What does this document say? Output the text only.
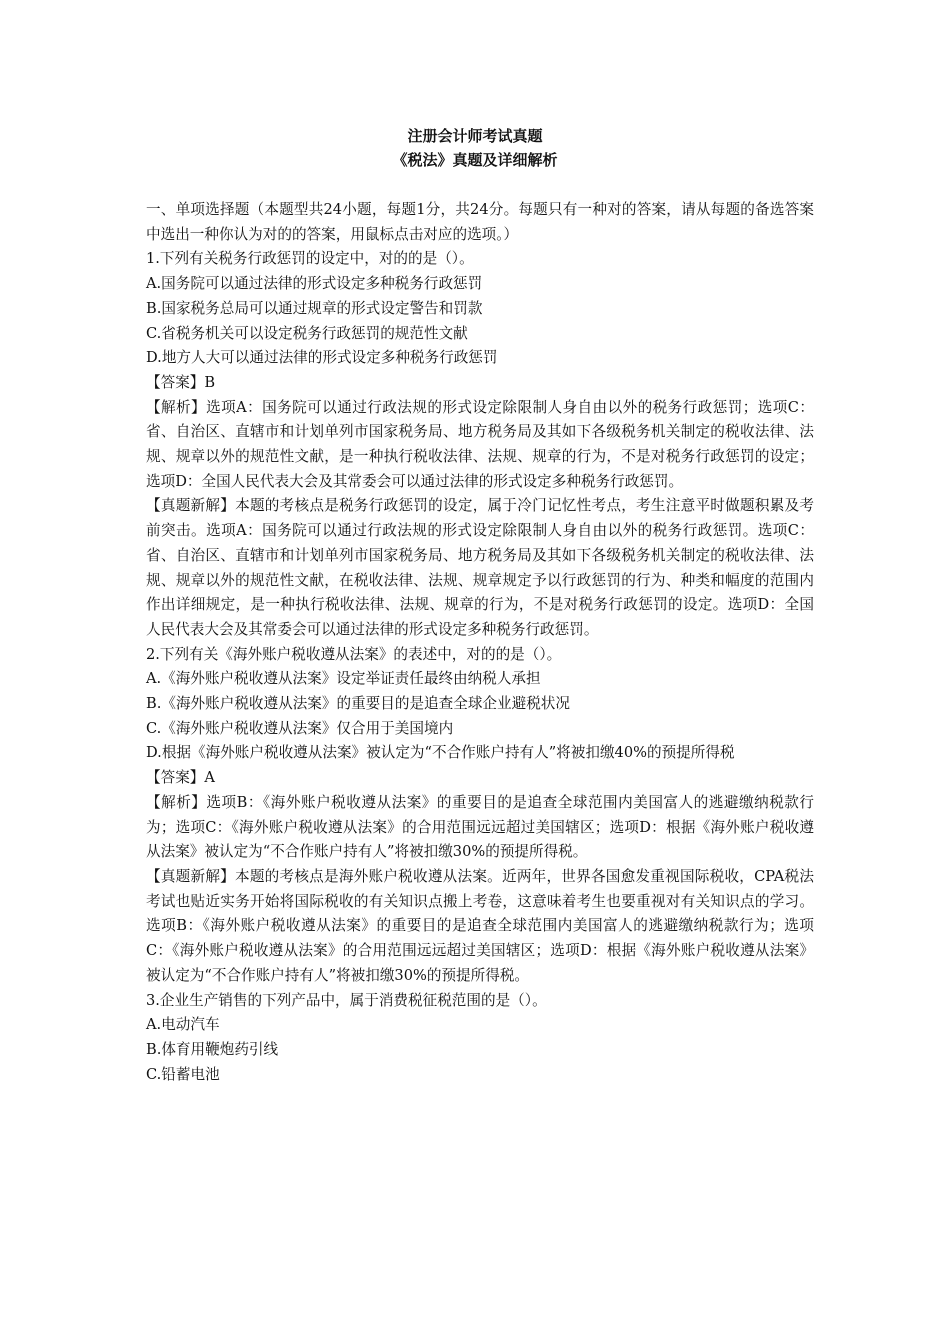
注册会计师考试真题
《税法》真题及详细解析

一、单项选择题（本题型共24小题，每题1分，共24分。每题只有一种对的答案，请从每题的备选答案中选出一种你认为对的的答案，用鼠标点击对应的选项。）

1.下列有关税务行政惩罚的设定中，对的的是（）。

A.国务院可以通过法律的形式设定多种税务行政惩罚

B.国家税务总局可以通过规章的形式设定警告和罚款

C.省税务机关可以设定税务行政惩罚的规范性文献

D.地方人大可以通过法律的形式设定多种税务行政惩罚

【答案】B

【解析】选项A：国务院可以通过行政法规的形式设定除限制人身自由以外的税务行政惩罚；选项C：省、自治区、直辖市和计划单列市国家税务局、地方税务局及其如下各级税务机关制定的税收法律、法规、规章以外的规范性文献，是一种执行税收法律、法规、规章的行为，不是对税务行政惩罚的设定；选项D：全国人民代表大会及其常委会可以通过法律的形式设定多种税务行政惩罚。

【真题新解】本题的考核点是税务行政惩罚的设定，属于冷门记忆性考点，考生注意平时做题积累及考前突击。选项A：国务院可以通过行政法规的形式设定除限制人身自由以外的税务行政惩罚。选项C：省、自治区、直辖市和计划单列市国家税务局、地方税务局及其如下各级税务机关制定的税收法律、法规、规章以外的规范性文献，在税收法律、法规、规章规定予以行政惩罚的行为、种类和幅度的范围内作出详细规定，是一种执行税收法律、法规、规章的行为，不是对税务行政惩罚的设定。选项D：全国人民代表大会及其常委会可以通过法律的形式设定多种税务行政惩罚。

2.下列有关《海外账户税收遵从法案》的表述中，对的的是（）。

A.《海外账户税收遵从法案》设定举证责任最终由纳税人承担

B.《海外账户税收遵从法案》的重要目的是追查全球企业避税状况

C.《海外账户税收遵从法案》仅合用于美国境内

D.根据《海外账户税收遵从法案》被认定为“不合作账户持有人”将被扣缴40%的预提所得税

【答案】A

【解析】选项B：《海外账户税收遵从法案》的重要目的是追查全球范围内美国富人的逃避缴纳税款行为；选项C：《海外账户税收遵从法案》的合用范围远远超过美国辖区；选项D：根据《海外账户税收遵从法案》被认定为“不合作账户持有人”将被扣缴30%的预提所得税。

【真题新解】本题的考核点是海外账户税收遵从法案。近两年，世界各国愈发重视国际税收，CPA税法考试也贴近实务开始将国际税收的有关知识点搬上考卷，这意味着考生也要重视对有关知识点的学习。选项B：《海外账户税收遵从法案》的重要目的是追查全球范围内美国富人的逃避缴纳税款行为；选项C：《海外账户税收遵从法案》的合用范围远远超过美国辖区；选项D：根据《海外账户税收遵从法案》被认定为“不合作账户持有人”将被扣缴30%的预提所得税。

3.企业生产销售的下列产品中，属于消费税征税范围的是（）。

A.电动汽车

B.体育用鞭炮药引线

C.铅蓄电池
